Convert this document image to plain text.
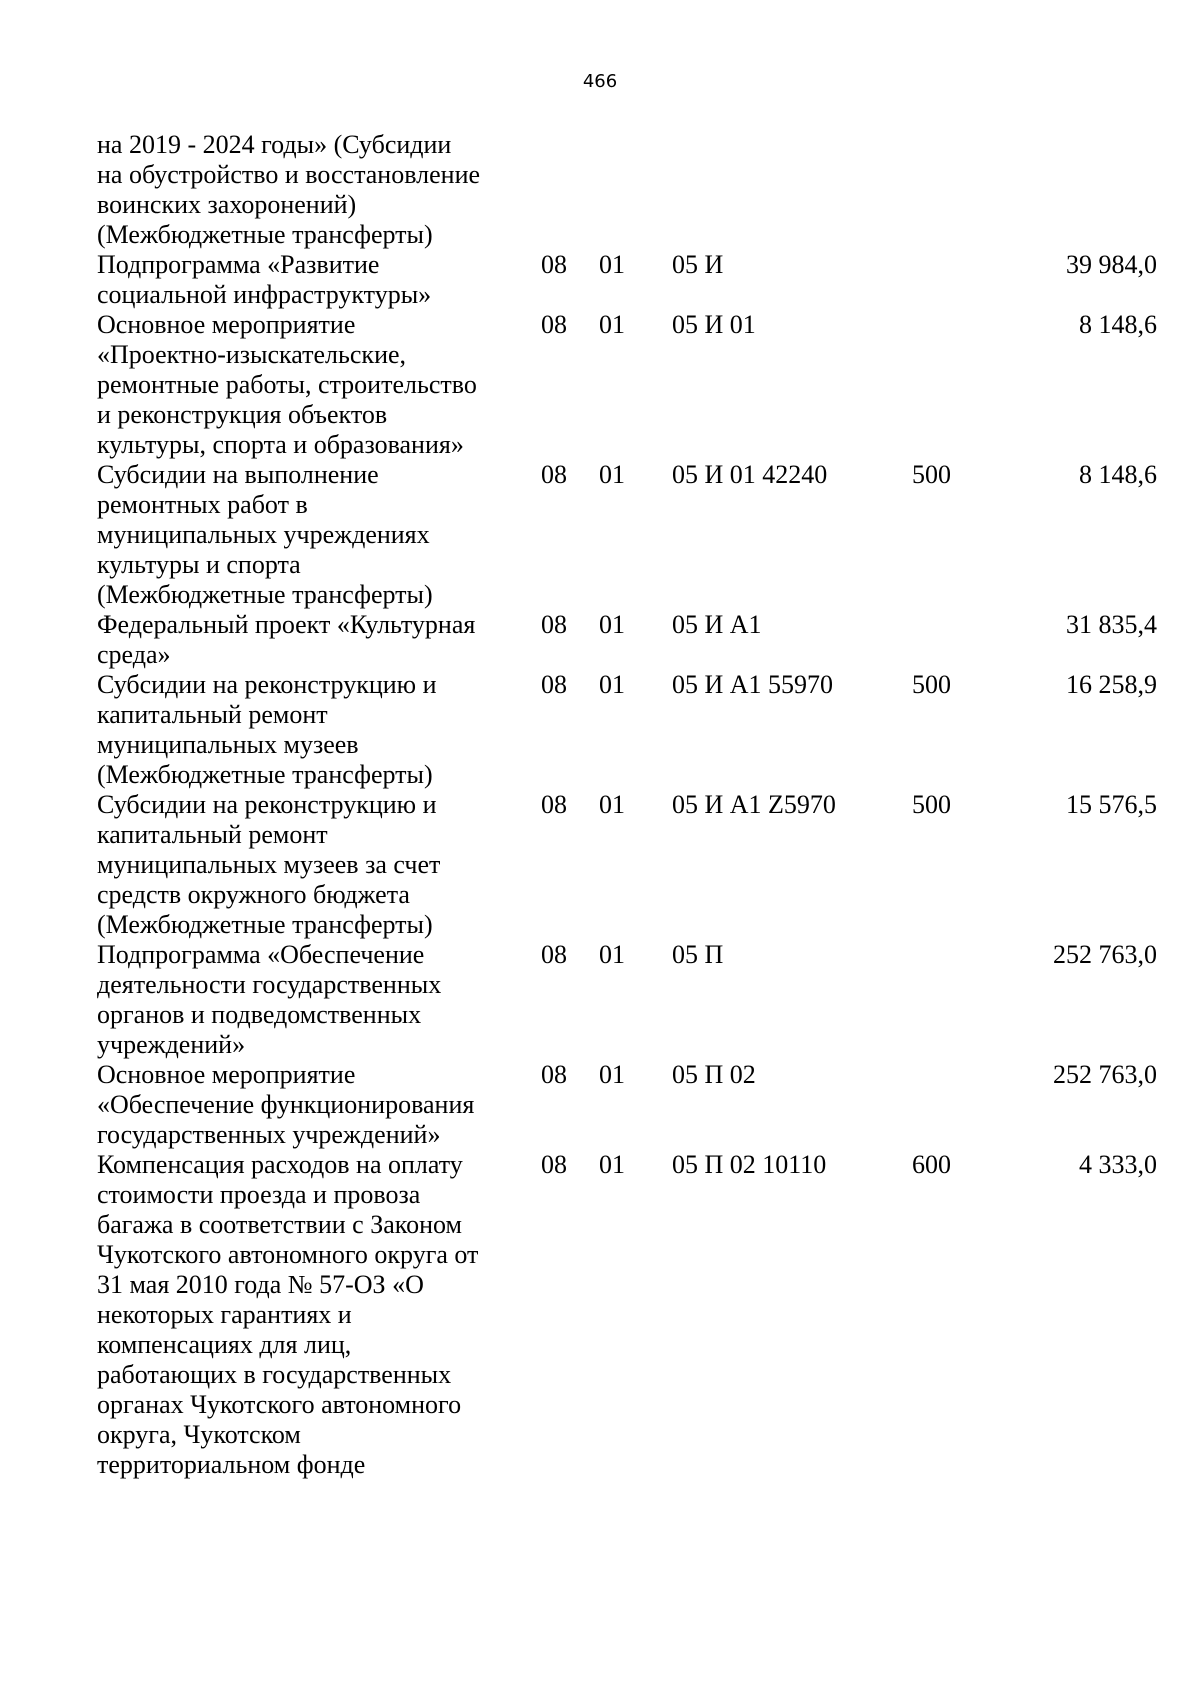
466
на 2019 - 2024 годы» (Субсидии
на обустройство и восстановление
воинских захоронений)
(Межбюджетные трансферты)
Подпрограмма «Развитие
социальной инфраструктуры»
08 01 05 И	39 984,0
Основное мероприятие
«Проектно-изыскательские,
ремонтные работы, строительство
и реконструкция объектов
культуры, спорта и образования»
08 01 05 И 01	8 148,6
Субсидии на выполнение
ремонтных работ в
муниципальных учреждениях
культуры и спорта
(Межбюджетные трансферты)
08 01 05 И 01 42240	500	8 148,6
Федеральный проект «Культурная
среда»
08 01 05 И A1	31 835,4
Субсидии на реконструкцию и
капитальный ремонт
муниципальных музеев
(Межбюджетные трансферты)
08 01 05 И A1 55970	500	16 258,9
Субсидии на реконструкцию и
капитальный ремонт
муниципальных музеев за счет
средств окружного бюджета
(Межбюджетные трансферты)
08 01 05 И A1 Z5970	500	15 576,5
Подпрограмма «Обеспечение
деятельности государственных
органов и подведомственных
учреждений»
08 01 05 П	252 763,0
Основное мероприятие
«Обеспечение функционирования
государственных учреждений»
08 01 05 П 02	252 763,0
Компенсация расходов на оплату
стоимости проезда и провоза
багажа в соответствии с Законом
Чукотского автономного округа от
31 мая 2010 года № 57-ОЗ «О
некоторых гарантиях и
компенсациях для лиц,
работающих в государственных
органах Чукотского автономного
округа, Чукотском
территориальном фонде
08 01 05 П 02 10110	600	4 333,0
